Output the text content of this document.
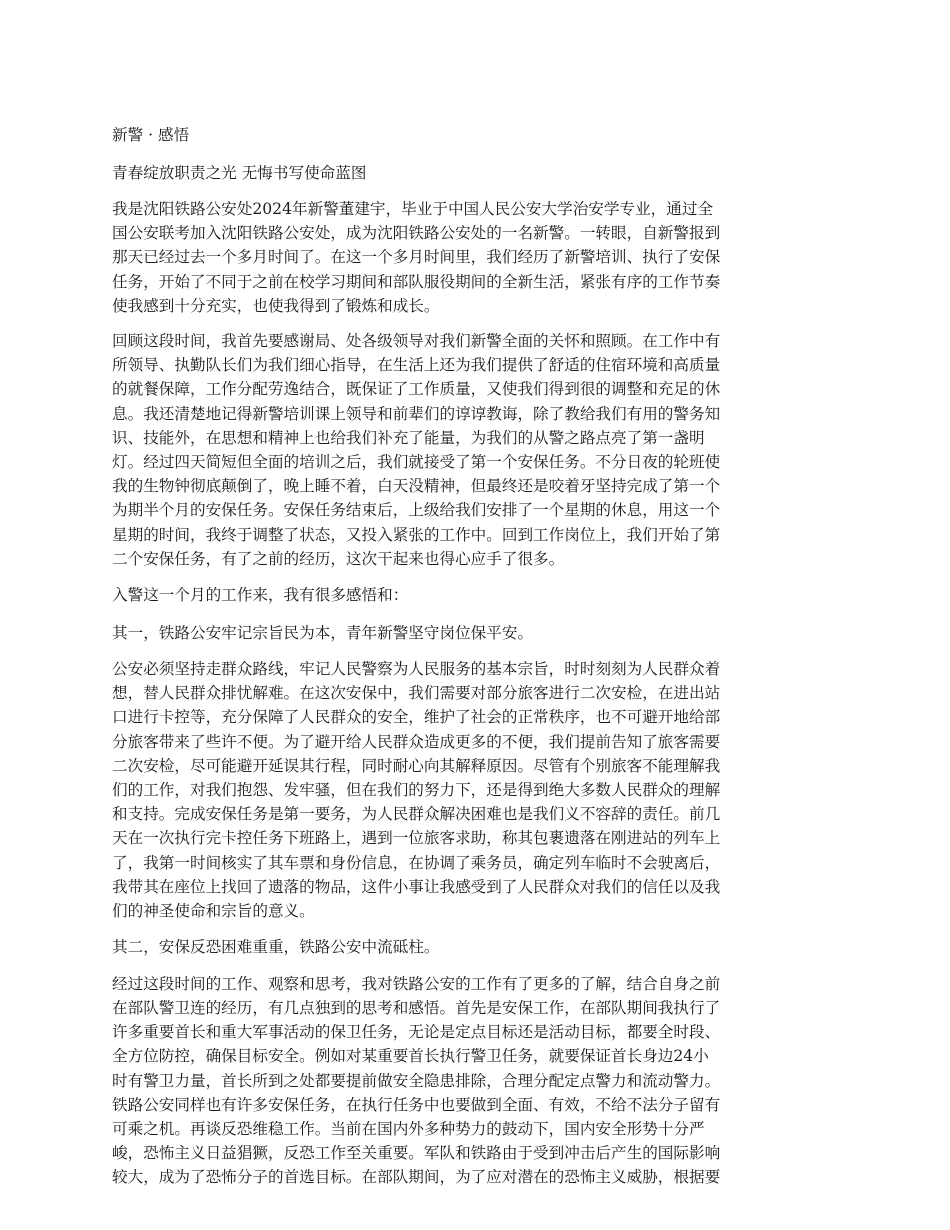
新警 · 感悟
青春绽放职责之光 无悔书写使命蓝图
我是沈阳铁路公安处2024年新警董建宇，毕业于中国人民公安大学治安学专业，通过全
国公安联考加入沈阳铁路公安处，成为沈阳铁路公安处的一名新警。一转眼，自新警报到
那天已经过去一个多月时间了。在这一个多月时间里，我们经历了新警培训、执行了安保
任务，开始了不同于之前在校学习期间和部队服役期间的全新生活，紧张有序的工作节奏
使我感到十分充实，也使我得到了锻炼和成长。
回顾这段时间，我首先要感谢局、处各级领导对我们新警全面的关怀和照顾。在工作中有
所领导、执勤队长们为我们细心指导，在生活上还为我们提供了舒适的住宿环境和高质量
的就餐保障，工作分配劳逸结合，既保证了工作质量，又使我们得到很的调整和充足的休
息。我还清楚地记得新警培训课上领导和前辈们的谆谆教诲，除了教给我们有用的警务知
识、技能外，在思想和精神上也给我们补充了能量，为我们的从警之路点亮了第一盏明
灯。经过四天简短但全面的培训之后，我们就接受了第一个安保任务。不分日夜的轮班使
我的生物钟彻底颠倒了，晚上睡不着，白天没精神，但最终还是咬着牙坚持完成了第一个
为期半个月的安保任务。安保任务结束后，上级给我们安排了一个星期的休息，用这一个
星期的时间，我终于调整了状态，又投入紧张的工作中。回到工作岗位上，我们开始了第
二个安保任务，有了之前的经历，这次干起来也得心应手了很多。
入警这一个月的工作来，我有很多感悟和：
其一，铁路公安牢记宗旨民为本，青年新警坚守岗位保平安。
公安必须坚持走群众路线，牢记人民警察为人民服务的基本宗旨，时时刻刻为人民群众着
想，替人民群众排忧解难。在这次安保中，我们需要对部分旅客进行二次安检，在进出站
口进行卡控等，充分保障了人民群众的安全，维护了社会的正常秩序，也不可避开地给部
分旅客带来了些许不便。为了避开给人民群众造成更多的不便，我们提前告知了旅客需要
二次安检，尽可能避开延误其行程，同时耐心向其解释原因。尽管有个别旅客不能理解我
们的工作，对我们抱怨、发牢骚，但在我们的努力下，还是得到绝大多数人民群众的理解
和支持。完成安保任务是第一要务，为人民群众解决困难也是我们义不容辞的责任。前几
天在一次执行完卡控任务下班路上，遇到一位旅客求助，称其包裹遗落在刚进站的列车上
了，我第一时间核实了其车票和身份信息，在协调了乘务员，确定列车临时不会驶离后，
我带其在座位上找回了遗落的物品，这件小事让我感受到了人民群众对我们的信任以及我
们的神圣使命和宗旨的意义。
其二，安保反恐困难重重，铁路公安中流砥柱。
经过这段时间的工作、观察和思考，我对铁路公安的工作有了更多的了解，结合自身之前
在部队警卫连的经历，有几点独到的思考和感悟。首先是安保工作，在部队期间我执行了
许多重要首长和重大军事活动的保卫任务，无论是定点目标还是活动目标，都要全时段、
全方位防控，确保目标安全。例如对某重要首长执行警卫任务，就要保证首长身边24小
时有警卫力量，首长所到之处都要提前做安全隐患排除，合理分配定点警力和流动警力。
铁路公安同样也有许多安保任务，在执行任务中也要做到全面、有效，不给不法分子留有
可乘之机。再谈反恐维稳工作。当前在国内外多种势力的鼓动下，国内安全形势十分严
峻，恐怖主义日益猖獗，反恐工作至关重要。军队和铁路由于受到冲击后产生的国际影响
较大，成为了恐怖分子的首选目标。在部队期间，为了应对潜在的恐怖主义威胁，根据要
